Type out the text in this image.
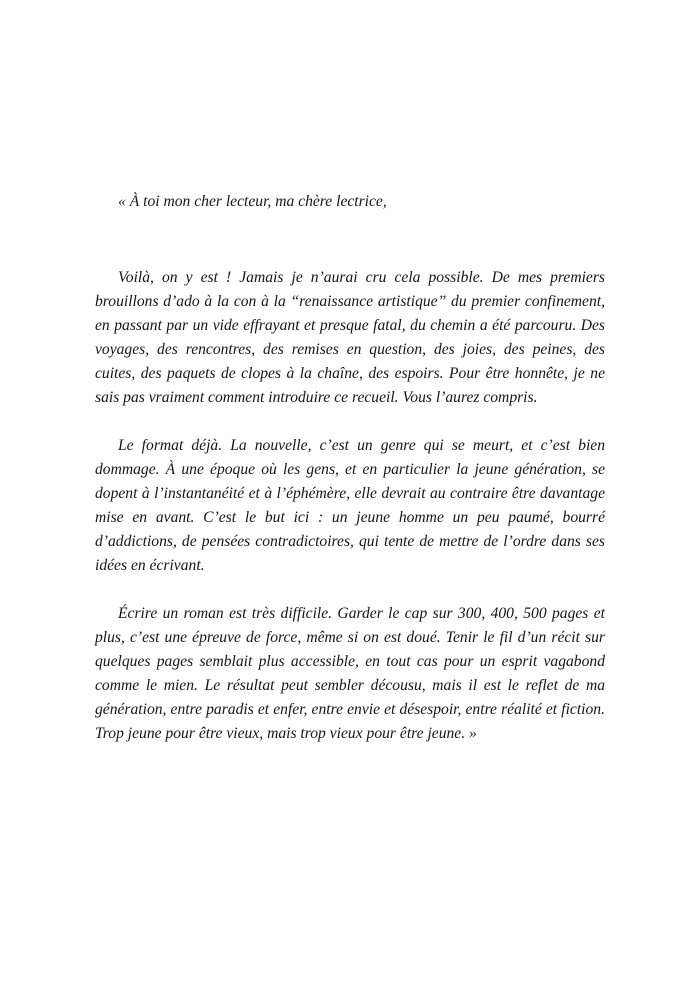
« À toi mon cher lecteur, ma chère lectrice,

Voilà, on y est ! Jamais je n’aurai cru cela possible. De mes premiers brouillons d’ado à la con à la “renaissance artistique” du premier confinement, en passant par un vide effrayant et presque fatal, du chemin a été parcouru. Des voyages, des rencontres, des remises en question, des joies, des peines, des cuites, des paquets de clopes à la chaîne, des espoirs. Pour être honnête, je ne sais pas vraiment comment introduire ce recueil. Vous l’aurez compris.

Le format déjà. La nouvelle, c’est un genre qui se meurt, et c’est bien dommage. À une époque où les gens, et en particulier la jeune génération, se dopent à l’instantanéité et à l’éphémère, elle devrait au contraire être davantage mise en avant. C’est le but ici : un jeune homme un peu paumé, bourré d’addictions, de pensées contradictoires, qui tente de mettre de l’ordre dans ses idées en écrivant.

Écrire un roman est très difficile. Garder le cap sur 300, 400, 500 pages et plus, c’est une épreuve de force, même si on est doué. Tenir le fil d’un récit sur quelques pages semblait plus accessible, en tout cas pour un esprit vagabond comme le mien. Le résultat peut sembler décousu, mais il est le reflet de ma génération, entre paradis et enfer, entre envie et désespoir, entre réalité et fiction. Trop jeune pour être vieux, mais trop vieux pour être jeune. »
